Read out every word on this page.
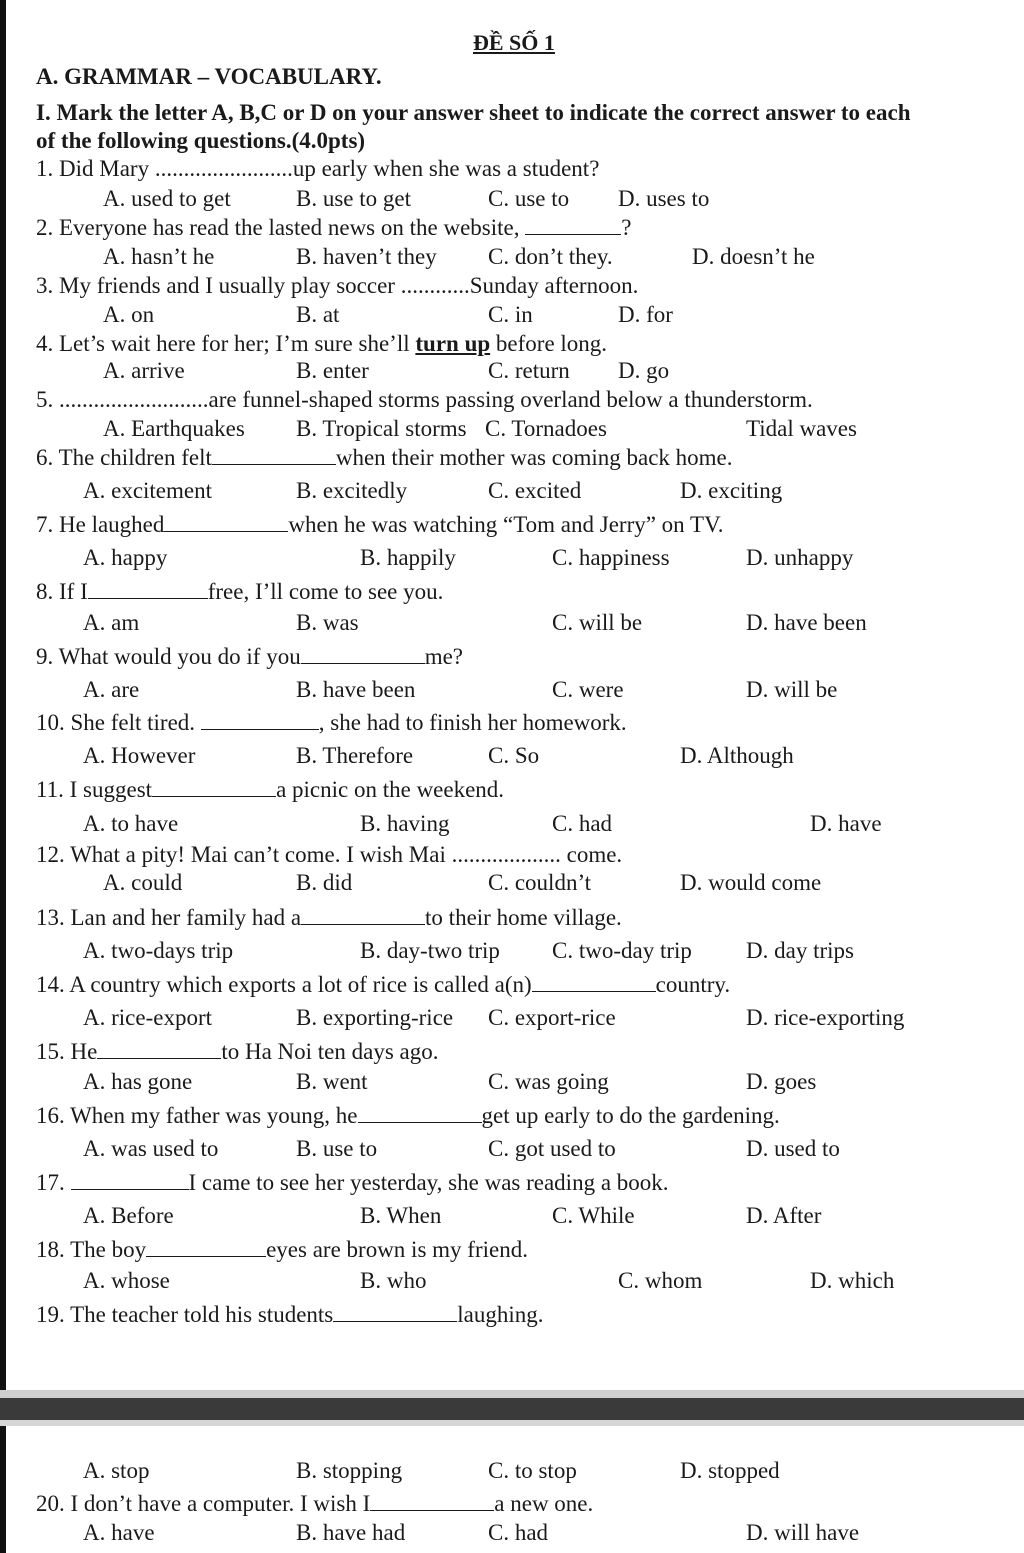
ĐỀ SỐ 1
A. GRAMMAR – VOCABULARY.
I. Mark the letter A, B,C or D on your answer sheet to indicate the correct answer to each
of the following questions.(4.0pts)
1. Did Mary ........................up early when she was a student?
A. used to get	B. use to get	C. use to D. uses to
2. Everyone has read the lasted news on the website,	?
A. hasn’t he	B. haven’t they C. don’t they.	D. doesn’t he
3. My friends and I usually play soccer ............Sunday afternoon.
A. on	B. at	C. in	D. for
4. Let’s wait here for her; I’m sure she’ll turn up before long.
A. arrive	B. enter	C. return D. go
5. ..........................are funnel-shaped storms passing overland below a thunderstorm.
A. Earthquakes B. Tropical storms C. Tornadoes	Tidal waves
6. The children felt	when their mother was coming back home.
A. excitement	B. excitedly	C. excited	D. exciting
7. He laughed	when he was watching “Tom and Jerry” on TV.
A. happy	B. happily	C. happiness	D. unhappy
8. If I	free, I’ll come to see you.
A. am	B. was	C. will be	D. have been
9. What would you do if you	me?
A. are	B. have been	C. were	D. will be
10. She felt tired.	, she had to finish her homework.
A. However	B. Therefore	C. So	D. Although
11. I suggest	a picnic on the weekend.
A. to have	B. having	C. had	D. have
12. What a pity! Mai can’t come. I wish Mai ................... come.
A. could	B. did	C. couldn’t	D. would come
13. Lan and her family had a	to their home village.
A. two-days trip	B. day-two trip C. two-day trip D. day trips
14. A country which exports a lot of rice is called a(n)	country.
A. rice-export	B. exporting-rice C. export-rice	D. rice-exporting
15. He	to Ha Noi ten days ago.
A. has gone	B. went	C. was going	D. goes
16. When my father was young, he	get up early to do the gardening.
A. was used to	B. use to	C. got used to	D. used to
17.	I came to see her yesterday, she was reading a book.
A. Before	B. When	C. While	D. After
18. The boy	eyes are brown is my friend.
A. whose	B. who	C. whom	D. which
19. The teacher told his students	laughing.
A. stop	B. stopping	C. to stop	D. stopped
20. I don’t have a computer. I wish I	a new one.
A. have	B. have had	C. had	D. will have
